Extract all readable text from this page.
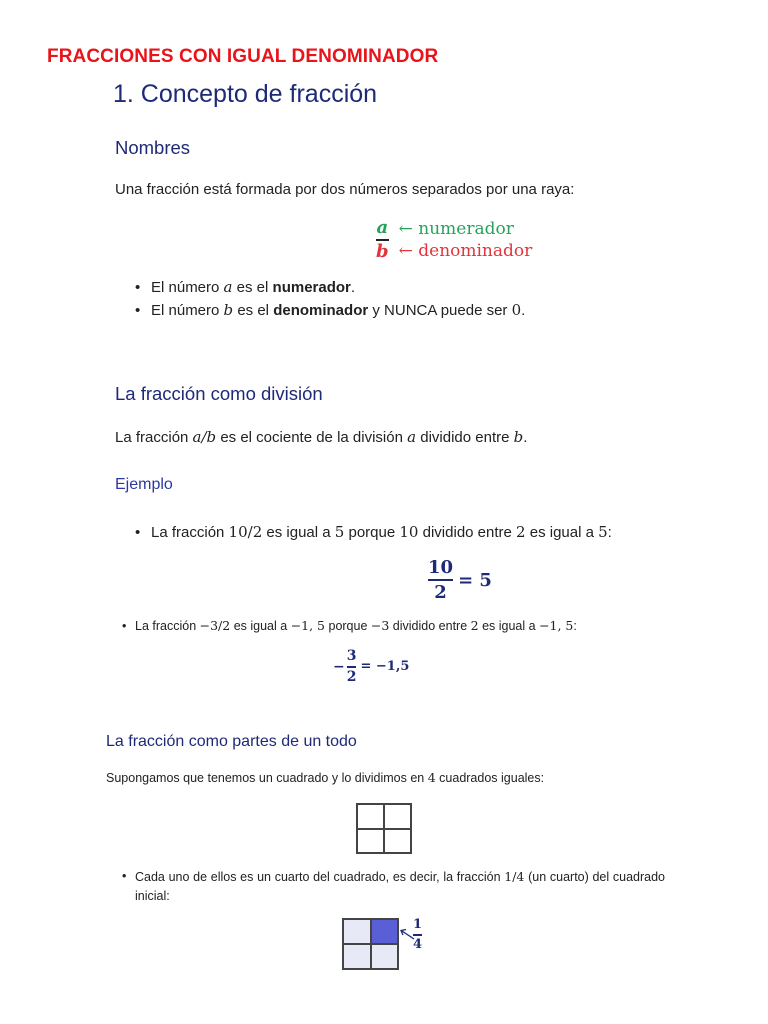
FRACCIONES CON IGUAL DENOMINADOR
1. Concepto de fracción
Nombres
Una fracción está formada por dos números separados por una raya:
$\frac{a}{b}$ ← numerador
← denominador
• El número a es el numerador.
• El número b es el denominador y NUNCA puede ser 0.
La fracción como división
La fracción a/b es el cociente de la división a dividido entre b.
Ejemplo
• La fracción 10/2 es igual a 5 porque 10 dividido entre 2 es igual a 5:
$\frac{10}{2} = 5$
• La fracción −3/2 es igual a −1, 5 porque −3 dividido entre 2 es igual a −1, 5:
− $\frac{3}{2} = -1,5$
La fracción como partes de un todo
Supongamos que tenemos un cuadrado y lo dividimos en 4 cuadrados iguales:
• Cada uno de ellos es un cuarto del cuadrado, es decir, la fracción 1/4 (un cuarto) del cuadrado inicial:
1
4
